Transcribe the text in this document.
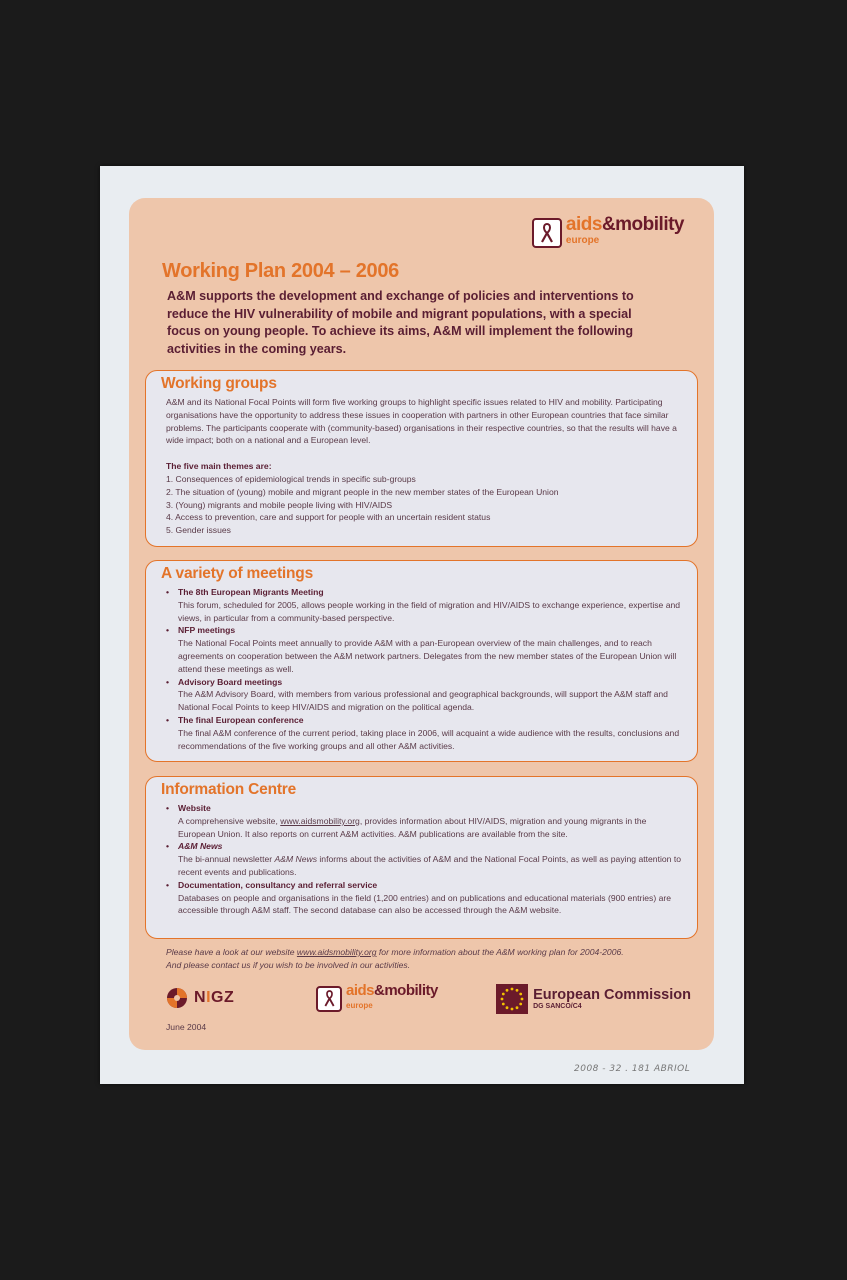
aids&mobility
europe
Working Plan 2004 – 2006

A&M supports the development and exchange of policies and interventions to reduce the HIV vulnerability of mobile and migrant populations, with a special focus on young people. To achieve its aims, A&M will implement the following activities in the coming years.

Working groups

A&M and its National Focal Points will form five working groups to highlight specific issues related to HIV and mobility. Participating organisations have the opportunity to address these issues in cooperation with partners in other European countries that face similar problems. The participants cooperate with (community-based) organisations in their respective countries, so that the results will have a wide impact; both on a national and a European level.

The five main themes are:

1. Consequences of epidemiological trends in specific sub-groups
2. The situation of (young) mobile and migrant people in the new member states of the European Union
3. (Young) migrants and mobile people living with HIV/AIDS
4. Access to prevention, care and support for people with an uncertain resident status
5. Gender issues
A variety of meetings
• The 8th European Migrants Meeting
This forum, scheduled for 2005, allows people working in the field of migration and HIV/AIDS to exchange experience, expertise and views, in particular from a community-based perspective.
• NFP meetings
The National Focal Points meet annually to provide A&M with a pan-European overview of the main challenges, and to reach agreements on cooperation between the A&M network partners. Delegates from the new member states of the European Union will attend these meetings as well.
• Advisory Board meetings
The A&M Advisory Board, with members from various professional and geographical backgrounds, will support the A&M staff and National Focal Points to keep HIV/AIDS and migration on the political agenda.
• The final European conference
The final A&M conference of the current period, taking place in 2006, will acquaint a wide audience with the results, conclusions and recommendations of the five working groups and all other A&M activities.
Information Centre
• Website
A comprehensive website, www.aidsmobility.org, provides information about HIV/AIDS, migration and young migrants in the European Union. It also reports on current A&M activities. A&M publications are available from the site.
• A&M News
The bi-annual newsletter A&M News informs about the activities of A&M and the National Focal Points, as well as paying attention to recent events and publications.
• Documentation, consultancy and referral service
Databases on people and organisations in the field (1,200 entries) and on publications and educational materials (900 entries) are accessible through A&M staff. The second database can also be accessed through the A&M website.
Please have a look at our website www.aidsmobility.org for more information about the A&M working plan for 2004-2006.
And please contact us if you wish to be involved in our activities.
NIGZ	aids&mobility
europe
European Commission
DG SANCO/C4
June 2004
2008 - 32 . 181 ABRIOL
